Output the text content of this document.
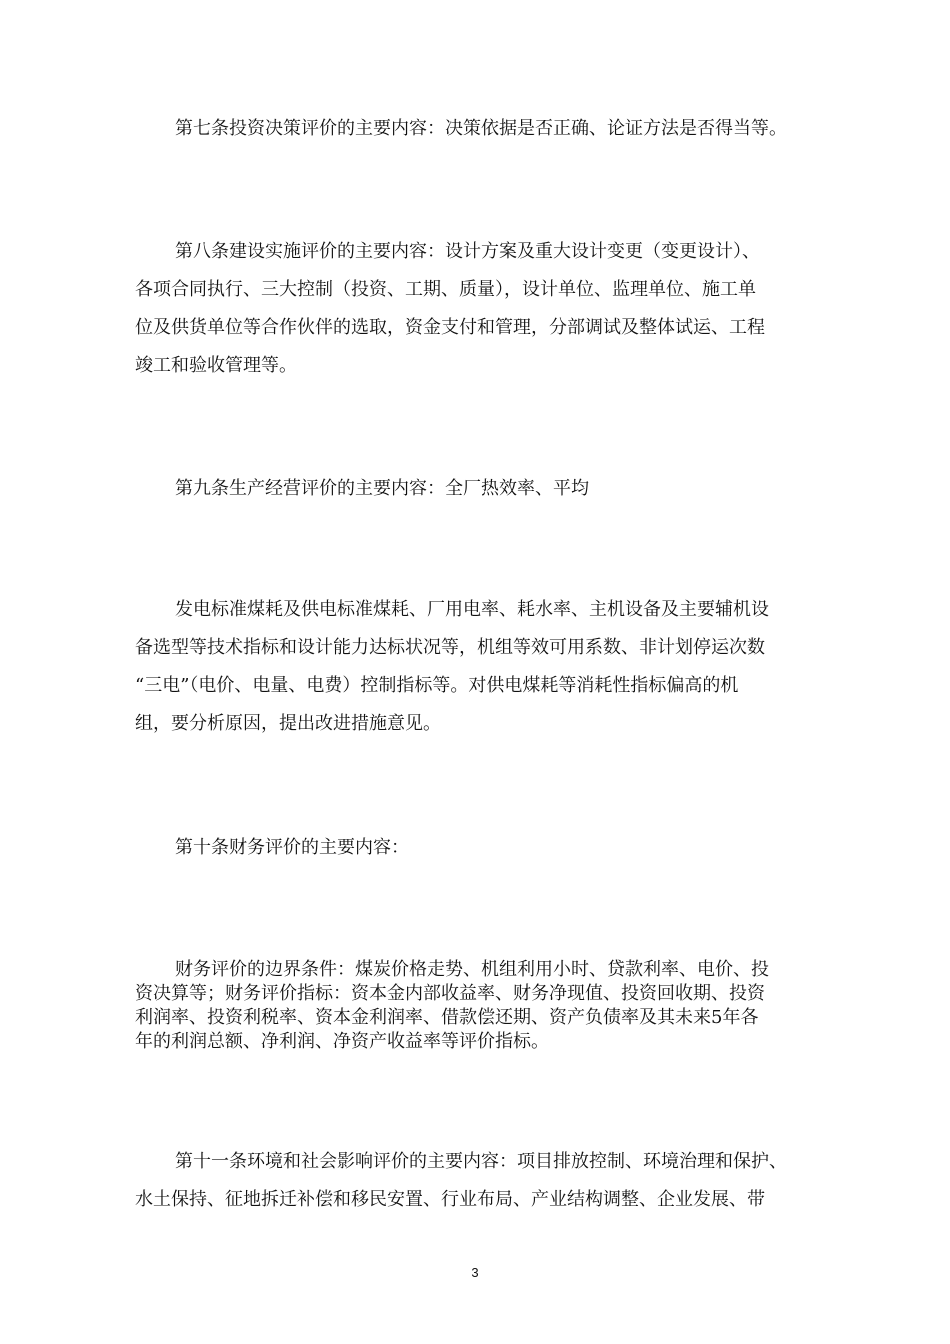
第七条投资决策评价的主要内容：决策依据是否正确、论证方法是否得当等。
第八条建设实施评价的主要内容：设计方案及重大设计变更（变更设计）、
各项合同执行、三大控制（投资、工期、质量），设计单位、监理单位、施工单
位及供货单位等合作伙伴的选取，资金支付和管理，分部调试及整体试运、工程
竣工和验收管理等。
第九条生产经营评价的主要内容：全厂热效率、平均
发电标准煤耗及供电标准煤耗、厂用电率、耗水率、主机设备及主要辅机设
备选型等技术指标和设计能力达标状况等，机组等效可用系数、非计划停运次数
“三电”（电价、电量、电费）控制指标等。对供电煤耗等消耗性指标偏高的机
组，要分析原因，提出改进措施意见。
第十条财务评价的主要内容：
财务评价的边界条件：煤炭价格走势、机组利用小时、贷款利率、电价、投
资决算等；财务评价指标：资本金内部收益率、财务净现值、投资回收期、投资
利润率、投资利税率、资本金利润率、借款偿还期、资产负债率及其未来5年各
年的利润总额、净利润、净资产收益率等评价指标。
第十一条环境和社会影响评价的主要内容：项目排放控制、环境治理和保护、
水土保持、征地拆迁补偿和移民安置、行业布局、产业结构调整、企业发展、带
3
